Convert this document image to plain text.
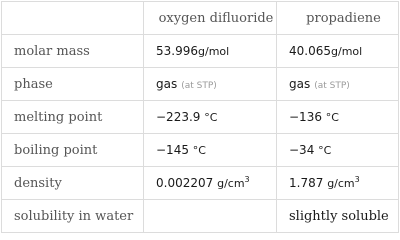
	oxygen difluoride	propadiene
molar mass	53.996g/mol	40.065g/mol
phase	gas (at STP)	gas (at STP)
melting point	−223.9 °C	−136 °C
boiling point	−145 °C	−34 °C
density	0.002207 $g/cm^3$	1.787 $g/cm^3$
solubility in water		slightly soluble
